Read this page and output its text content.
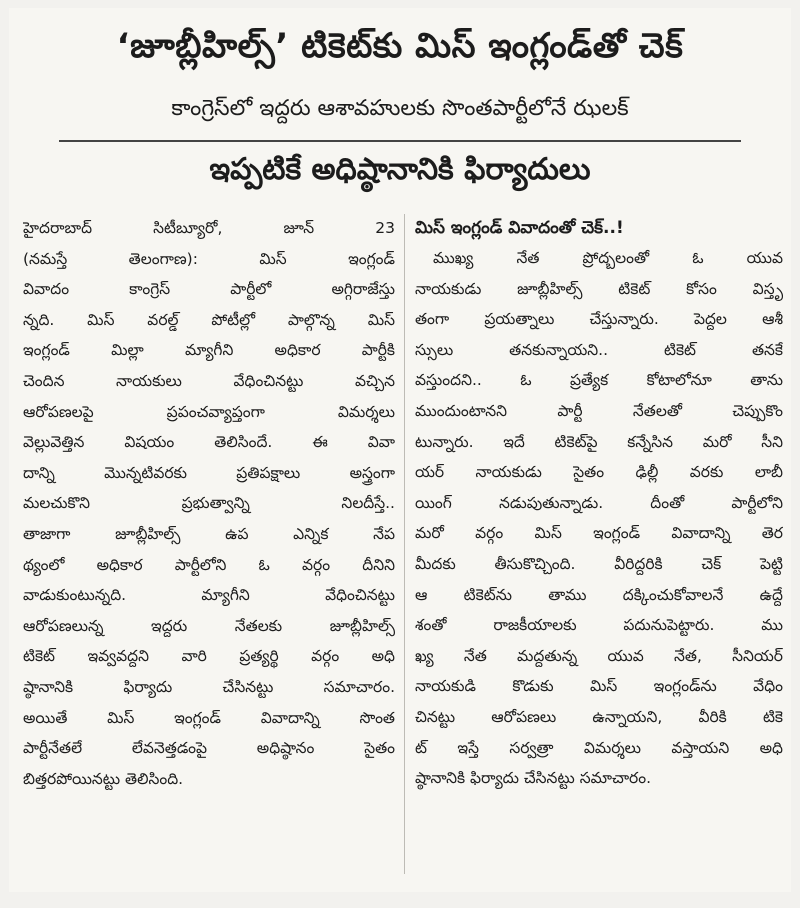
‘జూబ్లీహిల్స్’ టికెట్‌కు మిస్ ఇంగ్లండ్‌తో చెక్
కాంగ్రెస్‌లో ఇద్దరు ఆశావహులకు సొంతపార్టీలోనే ఝలక్
ఇప్పటికే అధిష్ఠానానికి ఫిర్యాదులు
హైదరాబాద్ సిటీబ్యూరో, జూన్ 23
(నమస్తే తెలంగాణ): మిస్ ఇంగ్లండ్
వివాదం కాంగ్రెస్ పార్టీలో అగ్గిరాజేస్తు
న్నది. మిస్ వరల్డ్ పోటీల్లో పాల్గొన్న మిస్
ఇంగ్లండ్ మిల్లా మ్యాగీని అధికార పార్టీకి
చెందిన నాయకులు వేధించినట్టు వచ్చిన
ఆరోపణలపై ప్రపంచవ్యాప్తంగా విమర్శలు
వెల్లువెత్తిన విషయం తెలిసిందే. ఈ వివా
దాన్ని మొన్నటివరకు ప్రతిపక్షాలు అస్త్రంగా
మలచుకొని ప్రభుత్వాన్ని నిలదీస్తే..
తాజాగా జూబ్లీహిల్స్ ఉప ఎన్నిక నేప
థ్యంలో అధికార పార్టీలోని ఓ వర్గం దీనిని
వాడుకుంటున్నది. మ్యాగీని వేధించినట్టు
ఆరోపణలున్న ఇద్దరు నేతలకు జూబ్లీహిల్స్
టికెట్ ఇవ్వవద్దని వారి ప్రత్యర్థి వర్గం అధి
ష్ఠానానికి ఫిర్యాదు చేసినట్టు సమాచారం.
అయితే మిస్ ఇంగ్లండ్ వివాదాన్ని సొంత
పార్టీనేతలే లేవనెత్తడంపై అధిష్ఠానం సైతం
బిత్తరపోయినట్టు తెలిసింది.
మిస్ ఇంగ్లండ్ వివాదంతో చెక్..!
ముఖ్య నేత ప్రోద్బలంతో ఓ యువ
నాయకుడు జూబ్లీహిల్స్ టికెట్ కోసం విస్తృ
తంగా ప్రయత్నాలు చేస్తున్నారు. పెద్దల ఆశీ
స్సులు తనకున్నాయని.. టికెట్ తనకే
వస్తుందని.. ఓ ప్రత్యేక కోటాలోనూ తాను
ముందుంటానని పార్టీ నేతలతో చెప్పుకొం
టున్నారు. ఇదే టికెట్‌పై కన్నేసిన మరో సీని
యర్ నాయకుడు సైతం ఢిల్లీ వరకు లాబీ
యింగ్ నడుపుతున్నాడు. దీంతో పార్టీలోని
మరో వర్గం మిస్ ఇంగ్లండ్ వివాదాన్ని తెర
మీదకు తీసుకొచ్చింది. వీరిద్దరికి చెక్ పెట్టి
ఆ టికెట్‌ను తాము దక్కించుకోవాలనే ఉద్దే
శంతో రాజకీయాలకు పదునుపెట్టారు. ము
ఖ్య నేత మద్దతున్న యువ నేత, సీనియర్
నాయకుడి కొడుకు మిస్ ఇంగ్లండ్‌ను వేధిం
చినట్టు ఆరోపణలు ఉన్నాయని, వీరికి టికె
ట్ ఇస్తే సర్వత్రా విమర్శలు వస్తాయని అధి
ష్ఠానానికి ఫిర్యాదు చేసినట్టు సమాచారం.
